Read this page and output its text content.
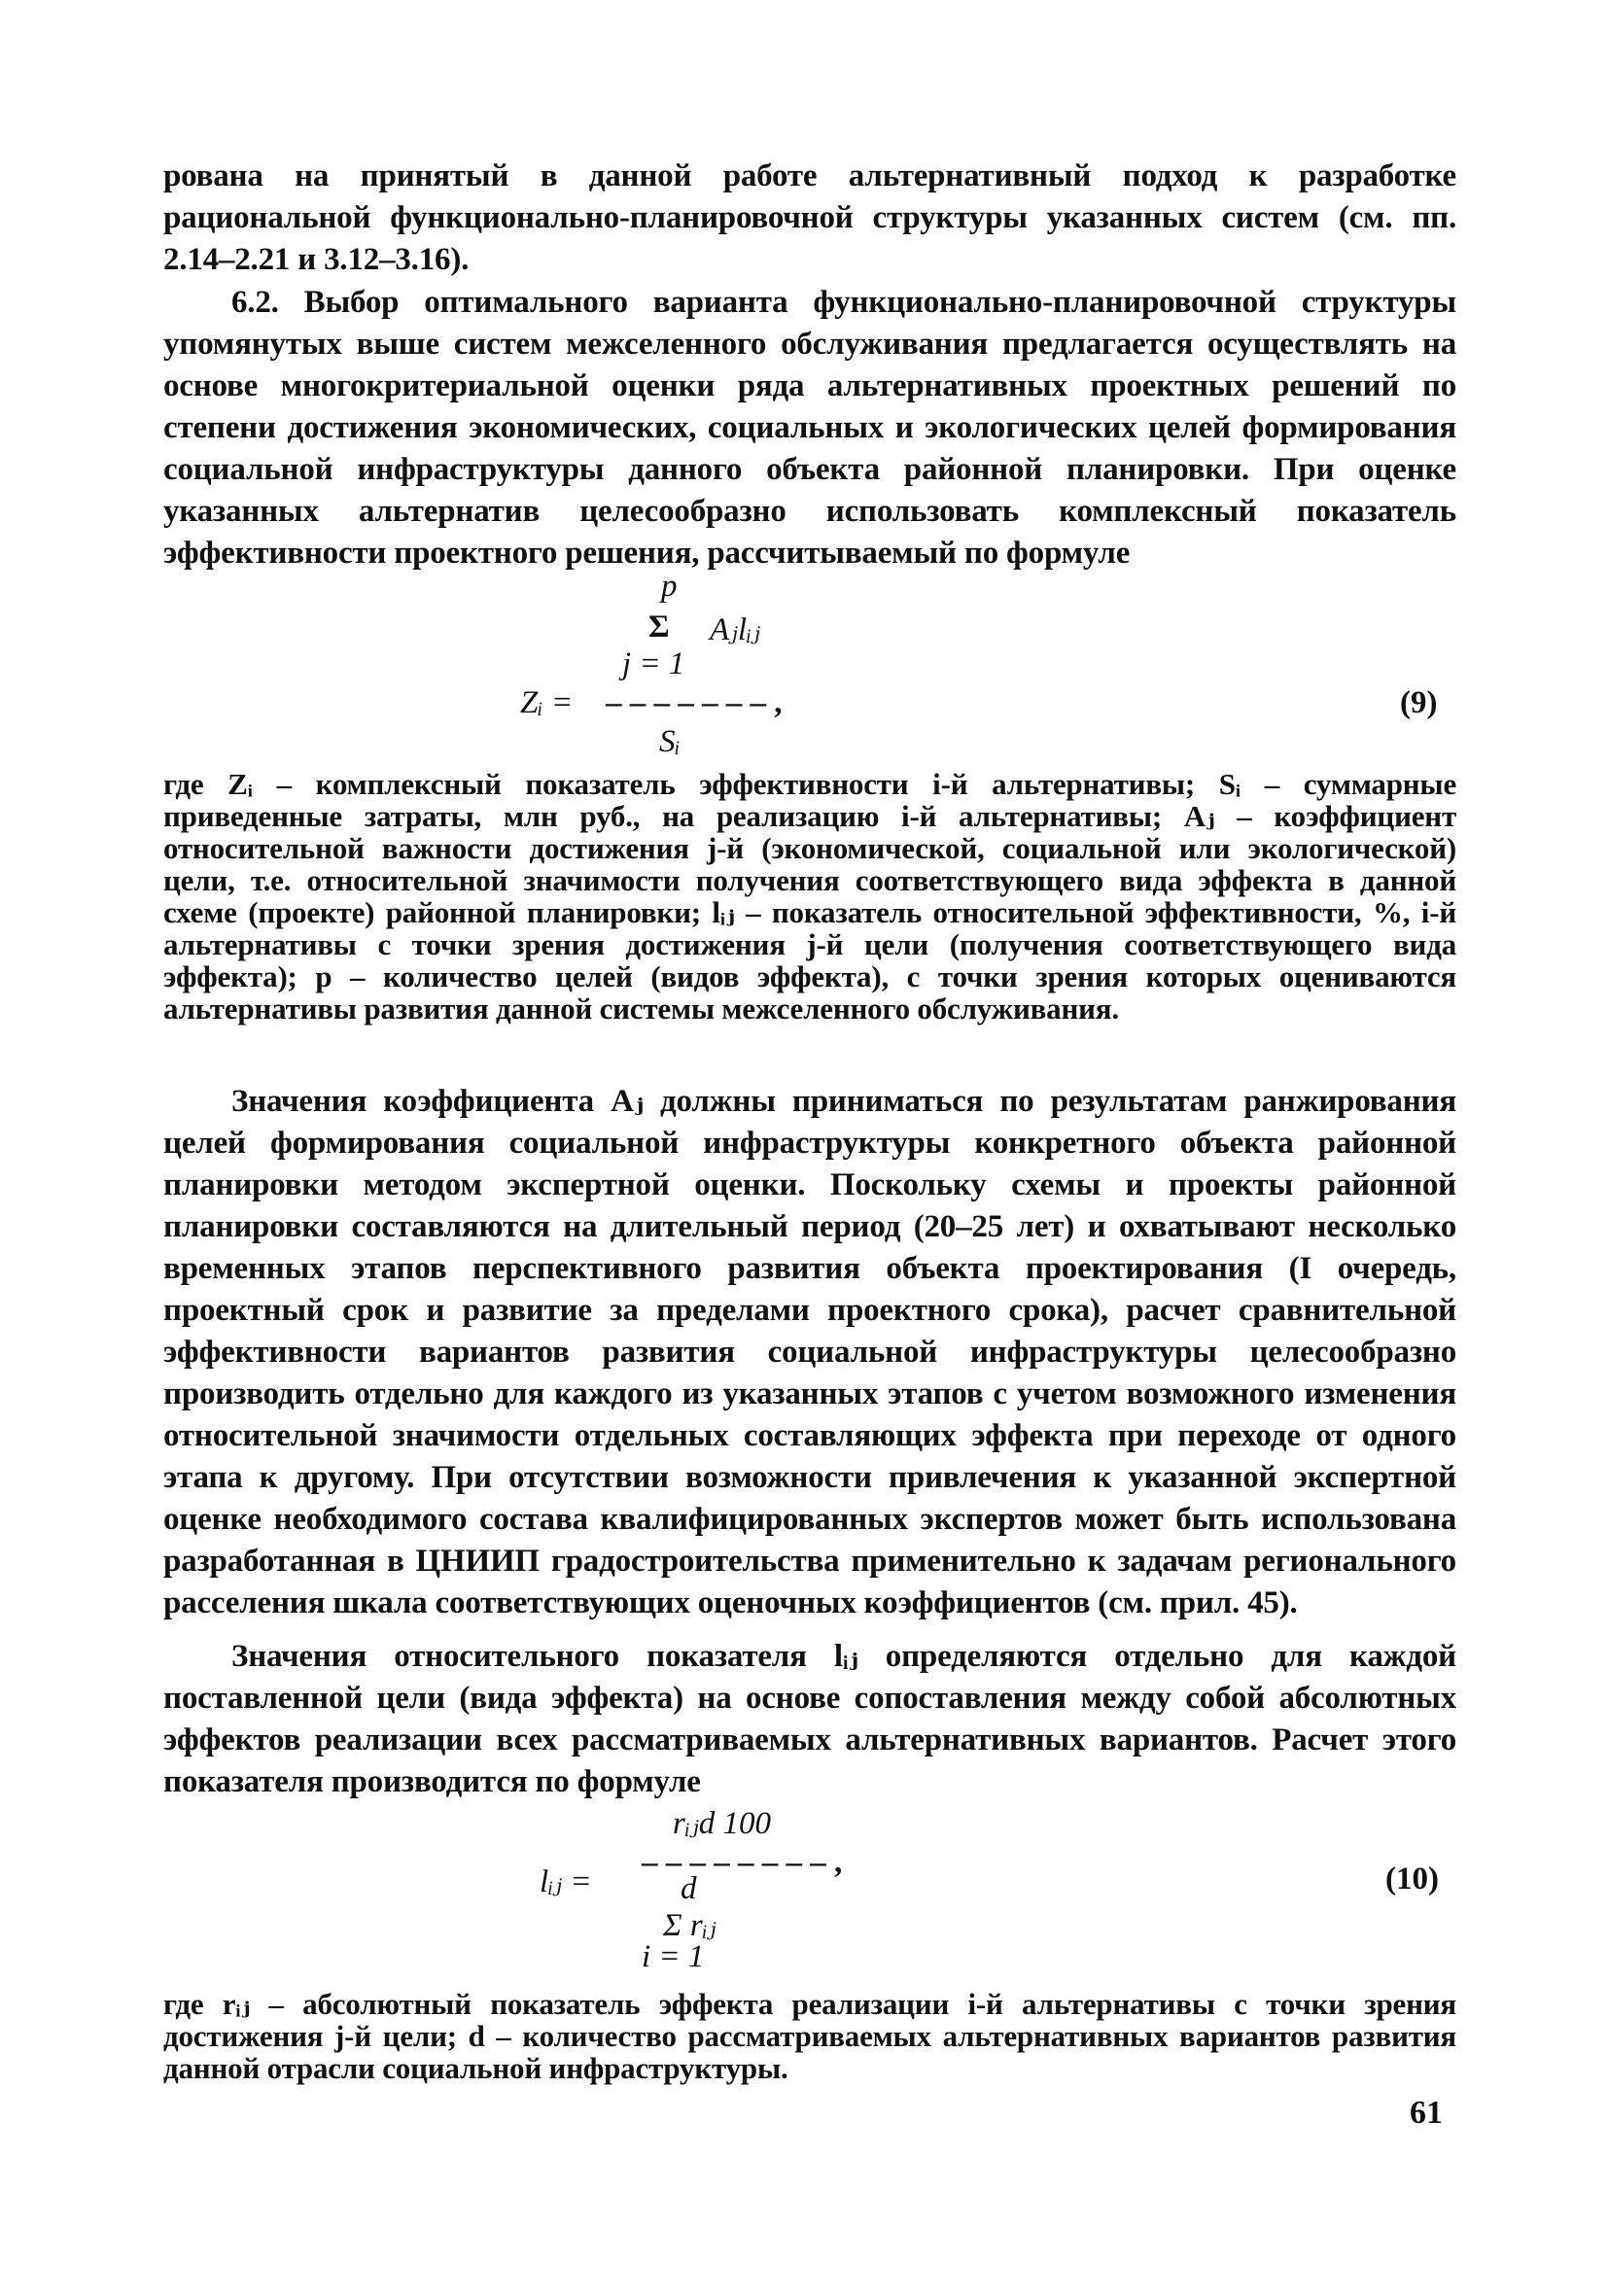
рована на принятый в данной работе альтернативный подход к разработке рациональной функционально-планировочной структуры указанных систем (см. пп. 2.14–2.21 и 3.12–3.16).
6.2. Выбор оптимального варианта функционально-планировочной структуры упомянутых выше систем межселенного обслуживания предлагается осуществлять на основе многокритериальной оценки ряда альтернативных проектных решений по степени достижения экономических, социальных и экологических целей формирования социальной инфраструктуры данного объекта районной планировки. При оценке указанных альтернатив целесообразно использовать комплексный показатель эффективности проектного решения, рассчитываемый по формуле
p
Σ Aⱼlᵢⱼ
j = 1
Zᵢ = – – – – – – – ,
Sᵢ
(9)
где Zᵢ – комплексный показатель эффективности i-й альтернативы; Sᵢ – суммарные приведенные затраты, млн руб., на реализацию i-й альтернативы; Aⱼ – коэффициент относительной важности достижения j-й (экономической, социальной или экологической) цели, т.е. относительной значимости получения соответствующего вида эффекта в данной схеме (проекте) районной планировки; lᵢⱼ – показатель относительной эффективности, %, i-й альтернативы с точки зрения достижения j-й цели (получения соответствующего вида эффекта); p – количество целей (видов эффекта), с точки зрения которых оцениваются альтернативы развития данной системы межселенного обслуживания.
Значения коэффициента Aⱼ должны приниматься по результатам ранжирования целей формирования социальной инфраструктуры конкретного объекта районной планировки методом экспертной оценки. Поскольку схемы и проекты районной планировки составляются на длительный период (20–25 лет) и охватывают несколько временных этапов перспективного развития объекта проектирования (I очередь, проектный срок и развитие за пределами проектного срока), расчет сравнительной эффективности вариантов развития социальной инфраструктуры целесообразно производить отдельно для каждого из указанных этапов с учетом возможного изменения относительной значимости отдельных составляющих эффекта при переходе от одного этапа к другому. При отсутствии возможности привлечения к указанной экспертной оценке необходимого состава квалифицированных экспертов может быть использована разработанная в ЦНИИП градостроительства применительно к задачам регионального расселения шкала соответствующих оценочных коэффициентов (см. прил. 45).
Значения относительного показателя lᵢⱼ определяются отдельно для каждой поставленной цели (вида эффекта) на основе сопоставления между собой абсолютных эффектов реализации всех рассматриваемых альтернативных вариантов. Расчет этого показателя производится по формуле
rᵢⱼd 100
lᵢⱼ =
– – – – – – – – ,
d
Σ rᵢⱼ
i = 1
(10)
где rᵢⱼ – абсолютный показатель эффекта реализации i-й альтернативы с точки зрения достижения j-й цели; d – количество рассматриваемых альтернативных вариантов развития данной отрасли социальной инфраструктуры.
61
